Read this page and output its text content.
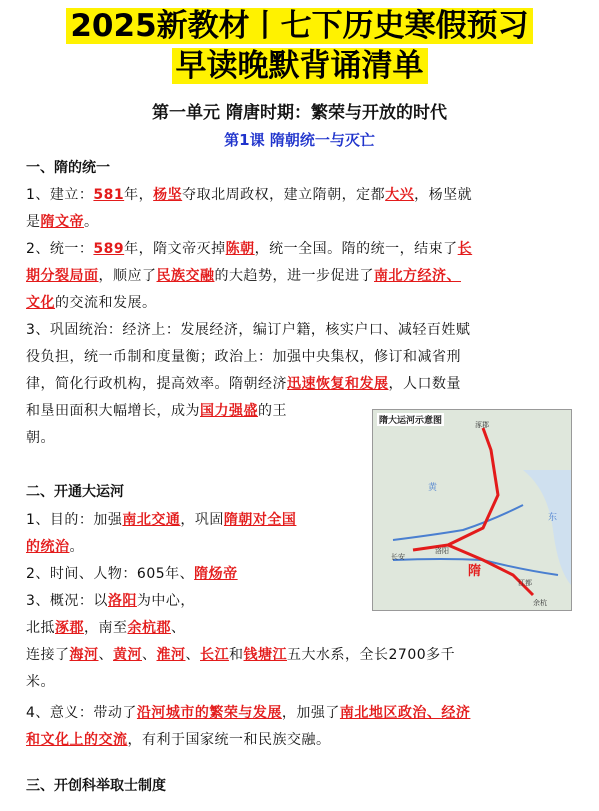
2025新教材丨七下历史寒假预习
早读晚默背诵清单
第一单元 隋唐时期：繁荣与开放的时代
第1课 隋朝统一与灭亡
一、隋的统一
1、建立：581年，杨坚夺取北周政权，建立隋朝，定都大兴，杨坚就
是隋文帝。
2、统一：589年，隋文帝灭掉陈朝，统一全国。隋的统一，结束了长
期分裂局面，顺应了民族交融的大趋势，进一步促进了南北方经济、
文化的交流和发展。
3、巩固统治：经济上：发展经济，编订户籍，核实户口、减轻百姓赋
役负担，统一币制和度量衡；政治上：加强中央集权，修订和减省刑
律，简化行政机构，提高效率。隋朝经济迅速恢复和发展，人口数量
和垦田面积大幅增长，成为国力强盛的王
朝。
隋大运河示意图	涿郡
洛阳
长安
隋
江都
余杭
黄
东
二、开通大运河
1、目的：加强南北交通，巩固隋朝对全国
的统治。
2、时间、人物：605年、隋炀帝
3、概况：以洛阳为中心，
北抵涿郡，南至余杭郡、
连接了海河、黄河、淮河、长江和钱塘江五大水系，全长2700多千
米。
4、意义：带动了沿河城市的繁荣与发展，加强了南北地区政治、经济
和文化上的交流，有利于国家统一和民族交融。
三、开创科举取士制度
